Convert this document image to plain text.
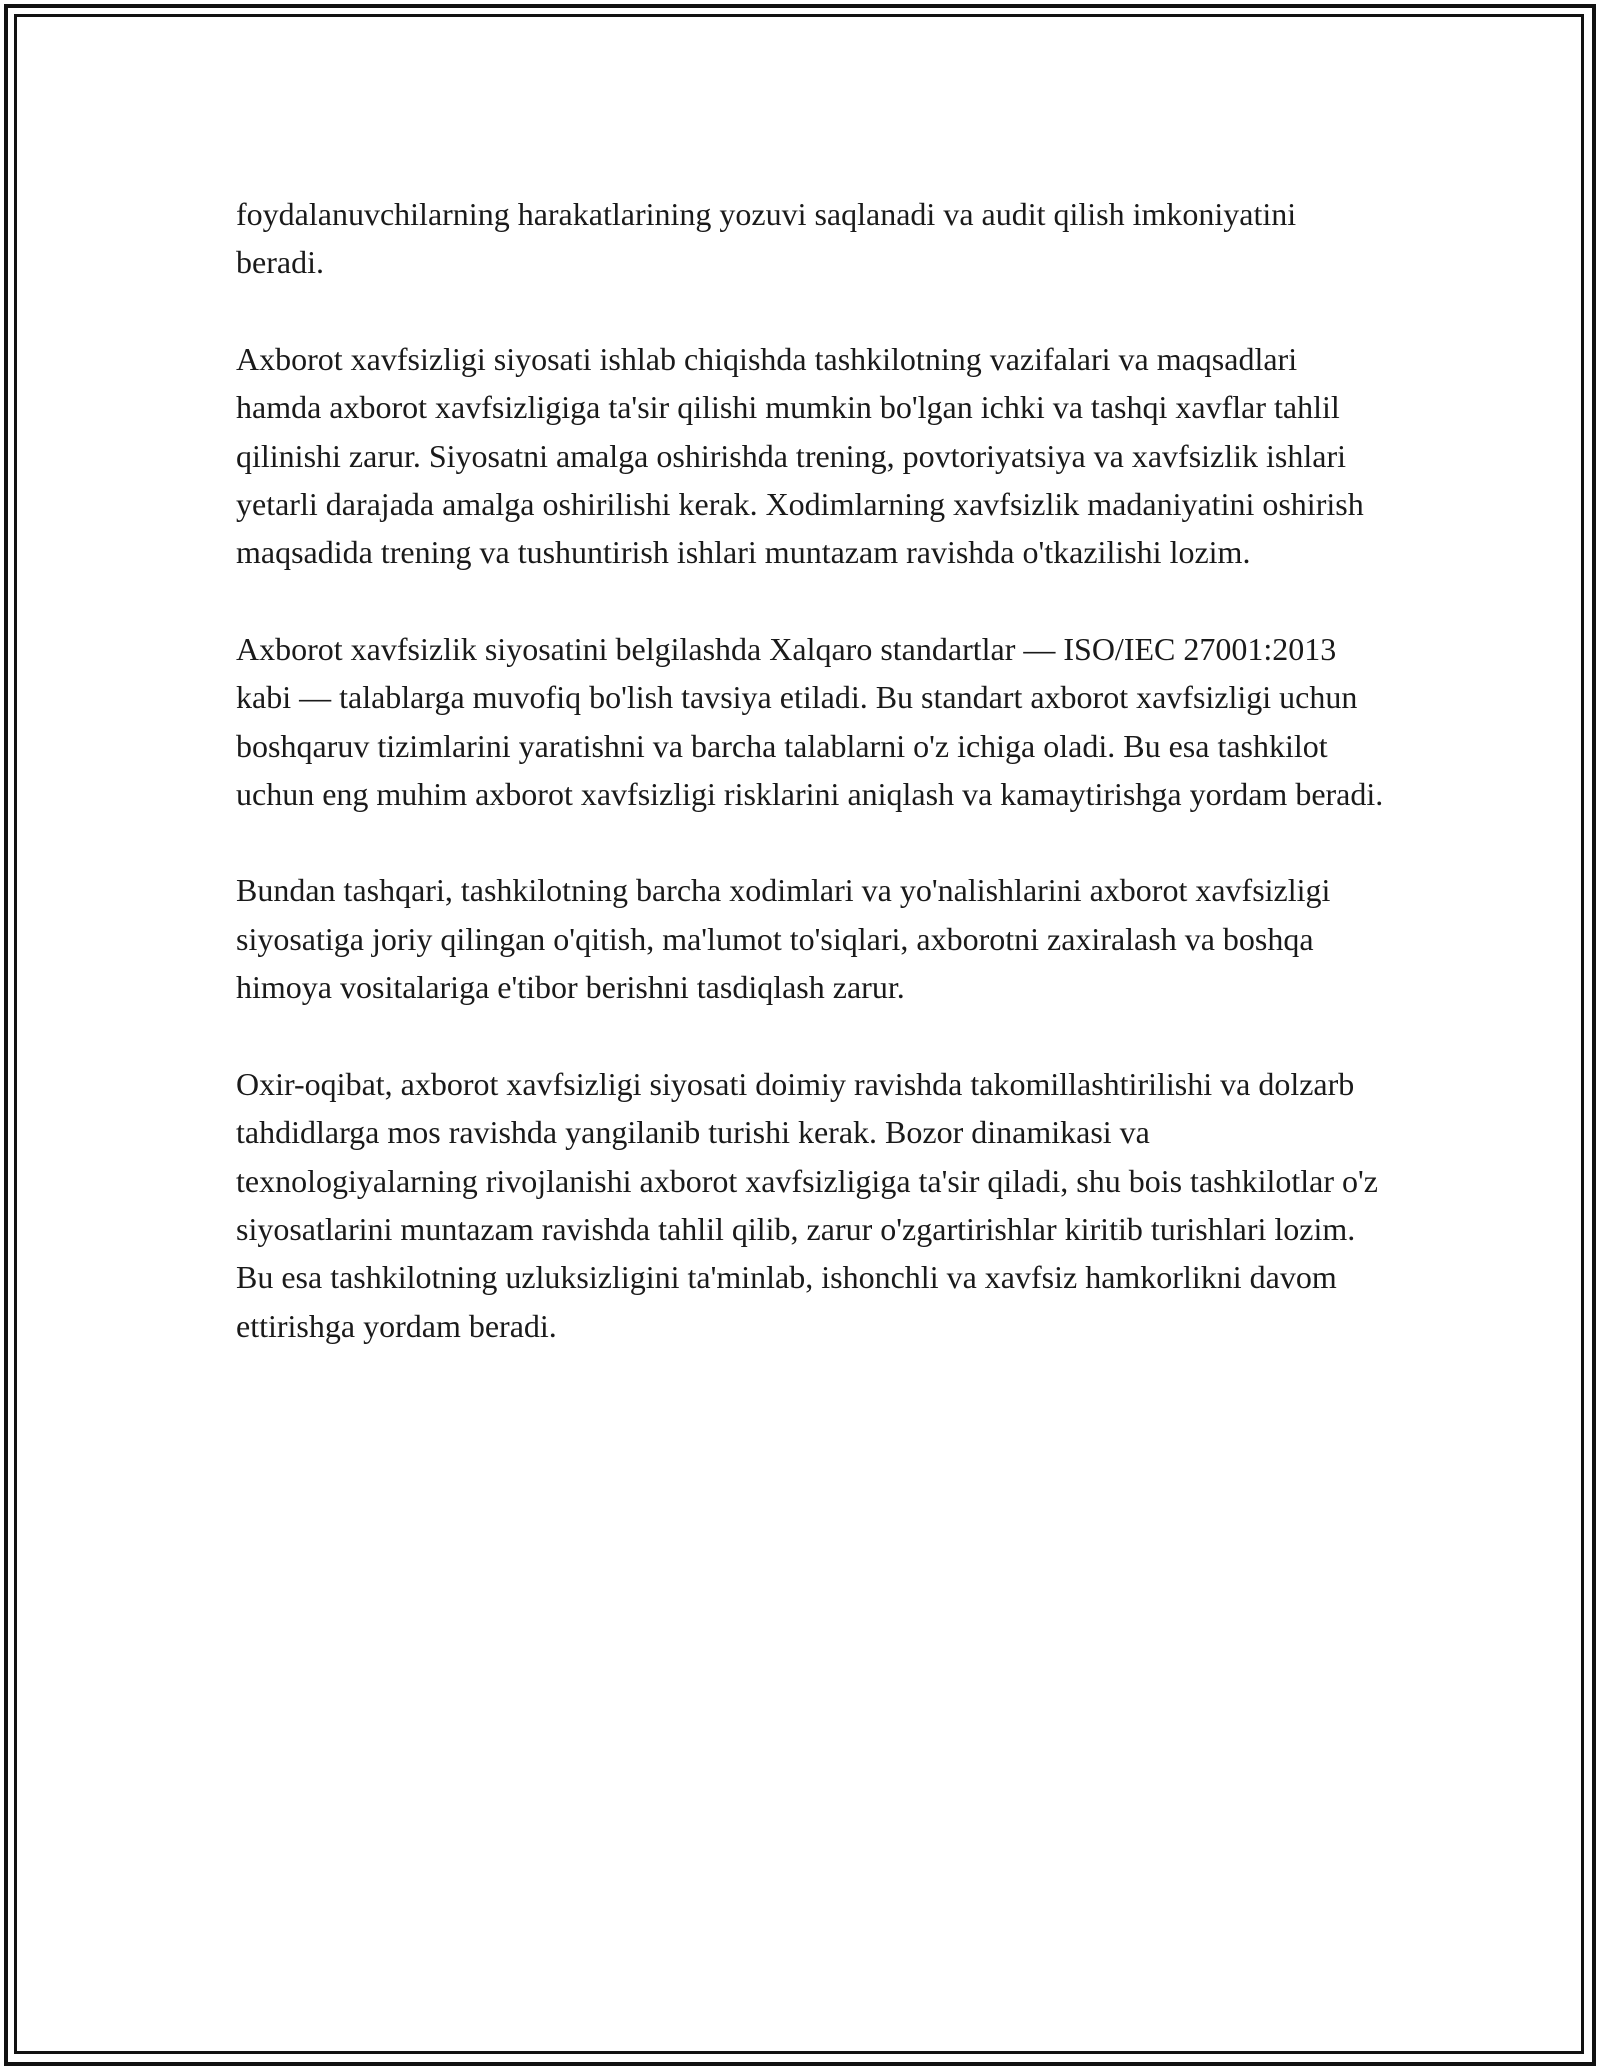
foydalanuvchilarning harakatlarining yozuvi saqlanadi va audit qilish imkoniyatini beradi.

Axborot xavfsizligi siyosati ishlab chiqishda tashkilotning vazifalari va maqsadlari hamda axborot xavfsizligiga ta'sir qilishi mumkin bo'lgan ichki va tashqi xavflar tahlil qilinishi zarur. Siyosatni amalga oshirishda trening, povtoriyatsiya va xavfsizlik ishlari yetarli darajada amalga oshirilishi kerak. Xodimlarning xavfsizlik madaniyatini oshirish maqsadida trening va tushuntirish ishlari muntazam ravishda o'tkazilishi lozim.

Axborot xavfsizlik siyosatini belgilashda Xalqaro standartlar — ISO/IEC 27001:2013 kabi — talablarga muvofiq bo'lish tavsiya etiladi. Bu standart axborot xavfsizligi uchun boshqaruv tizimlarini yaratishni va barcha talablarni o'z ichiga oladi. Bu esa tashkilot uchun eng muhim axborot xavfsizligi risklarini aniqlash va kamaytirishga yordam beradi.

Bundan tashqari, tashkilotning barcha xodimlari va yo'nalishlarini axborot xavfsizligi siyosatiga joriy qilingan o'qitish, ma'lumot to'siqlari, axborotni zaxiralash va boshqa himoya vositalariga e'tibor berishni tasdiqlash zarur.

Oxir-oqibat, axborot xavfsizligi siyosati doimiy ravishda takomillashtirilishi va dolzarb tahdidlarga mos ravishda yangilanib turishi kerak. Bozor dinamikasi va texnologiyalarning rivojlanishi axborot xavfsizligiga ta'sir qiladi, shu bois tashkilotlar o'z siyosatlarini muntazam ravishda tahlil qilib, zarur o'zgartirishlar kiritib turishlari lozim. Bu esa tashkilotning uzluksizligini ta'minlab, ishonchli va xavfsiz hamkorlikni davom ettirishga yordam beradi.
